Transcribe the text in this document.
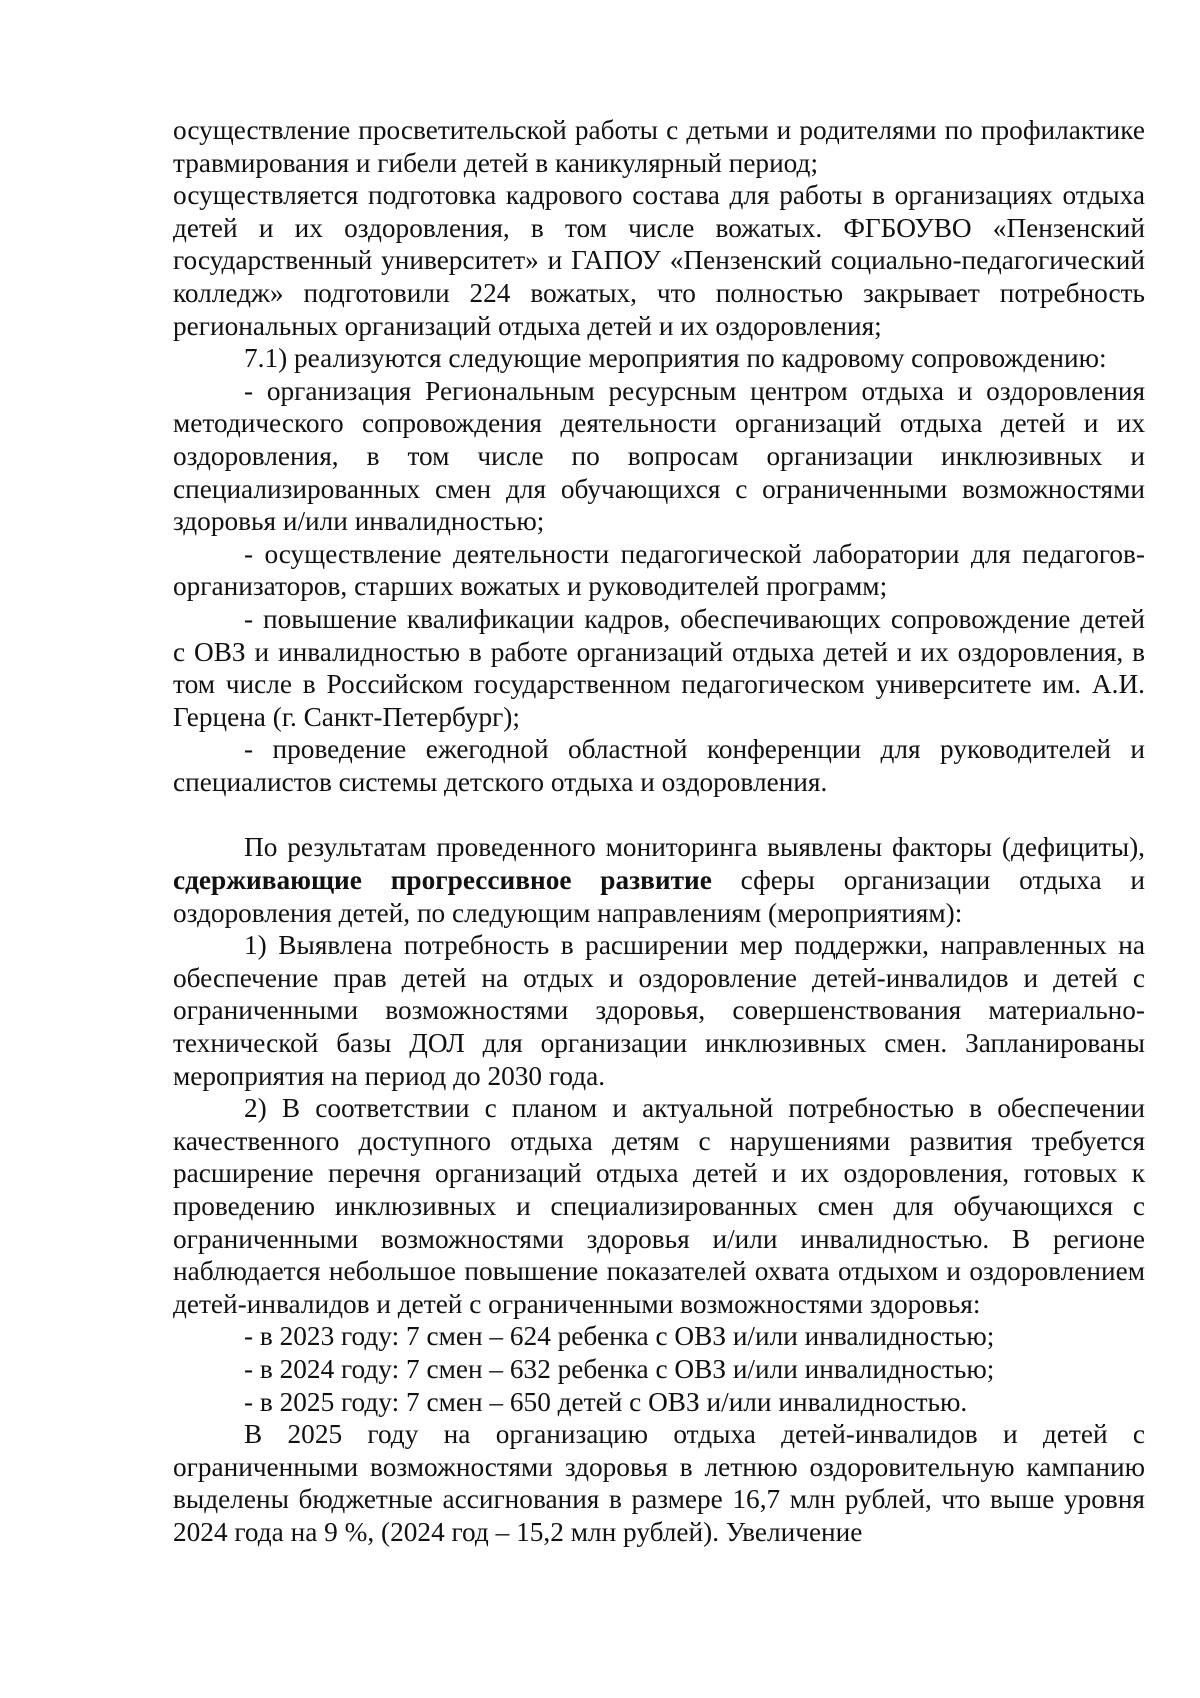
осуществление просветительской работы с детьми и родителями по профилактике травмирования и гибели детей в каникулярный период;

осуществляется подготовка кадрового состава для работы в организациях отдыха детей и их оздоровления, в том числе вожатых. ФГБОУВО «Пензенский государственный университет» и ГАПОУ «Пензенский социально-педагогический колледж» подготовили 224 вожатых, что полностью закрывает потребность региональных организаций отдыха детей и их оздоровления;

7.1) реализуются следующие мероприятия по кадровому сопровождению:

- организация Региональным ресурсным центром отдыха и оздоровления методического сопровождения деятельности организаций отдыха детей и их оздоровления, в том числе по вопросам организации инклюзивных и специализированных смен для обучающихся с ограниченными возможностями здоровья и/или инвалидностью;

- осуществление деятельности педагогической лаборатории для педагогов-организаторов, старших вожатых и руководителей программ;

- повышение квалификации кадров, обеспечивающих сопровождение детей с ОВЗ и инвалидностью в работе организаций отдыха детей и их оздоровления, в том числе в Российском государственном педагогическом университете им. А.И. Герцена (г. Санкт-Петербург);

- проведение ежегодной областной конференции для руководителей и специалистов системы детского отдыха и оздоровления.

По результатам проведенного мониторинга выявлены факторы (дефициты), сдерживающие прогрессивное развитие сферы организации отдыха и оздоровления детей, по следующим направлениям (мероприятиям):

1) Выявлена потребность в расширении мер поддержки, направленных на обеспечение прав детей на отдых и оздоровление детей-инвалидов и детей с ограниченными возможностями здоровья, совершенствования материально-технической базы ДОЛ для организации инклюзивных смен. Запланированы мероприятия на период до 2030 года.

2) В соответствии с планом и актуальной потребностью в обеспечении качественного доступного отдыха детям с нарушениями развития требуется расширение перечня организаций отдыха детей и их оздоровления, готовых к проведению инклюзивных и специализированных смен для обучающихся с ограниченными возможностями здоровья и/или инвалидностью. В регионе наблюдается небольшое повышение показателей охвата отдыхом и оздоровлением детей-инвалидов и детей с ограниченными возможностями здоровья:

- в 2023 году: 7 смен – 624 ребенка с ОВЗ и/или инвалидностью;

- в 2024 году: 7 смен – 632 ребенка с ОВЗ и/или инвалидностью;

- в 2025 году: 7 смен – 650 детей с ОВЗ и/или инвалидностью.

В 2025 году на организацию отдыха детей-инвалидов и детей с ограниченными возможностями здоровья в летнюю оздоровительную кампанию выделены бюджетные ассигнования в размере 16,7 млн рублей, что выше уровня 2024 года на 9 %, (2024 год – 15,2 млн рублей). Увеличение
